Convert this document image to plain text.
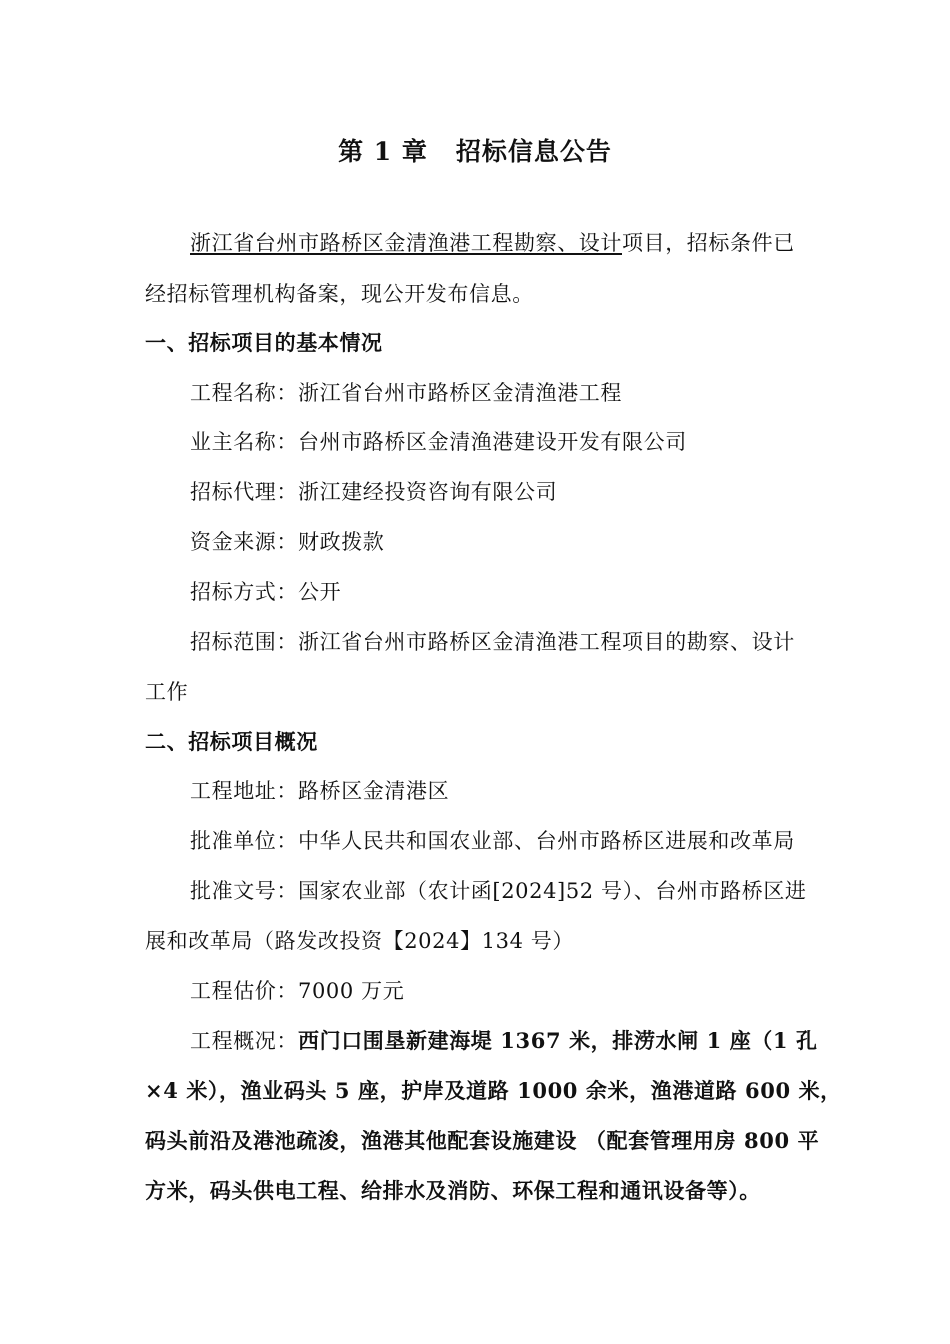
第 1 章 招标信息公告
浙江省台州市路桥区金清渔港工程勘察、设计项目，招标条件已
经招标管理机构备案，现公开发布信息。
一、招标项目的基本情况
工程名称：浙江省台州市路桥区金清渔港工程
业主名称：台州市路桥区金清渔港建设开发有限公司
招标代理：浙江建经投资咨询有限公司
资金来源：财政拨款
招标方式：公开
招标范围：浙江省台州市路桥区金清渔港工程项目的勘察、设计
工作
二、招标项目概况
工程地址：路桥区金清港区
批准单位：中华人民共和国农业部、台州市路桥区进展和改革局
批准文号：国家农业部（农计函[2024]52 号）、台州市路桥区进
展和改革局（路发改投资【2024】134 号）
工程估价：7000 万元
工程概况：西门口围垦新建海堤 1367 米，排涝水闸 1 座（1 孔
×4 米），渔业码头 5 座，护岸及道路 1000 余米，渔港道路 600 米，
码头前沿及港池疏浚，渔港其他配套设施建设 （配套管理用房 800 平
方米，码头供电工程、给排水及消防、环保工程和通讯设备等）。
